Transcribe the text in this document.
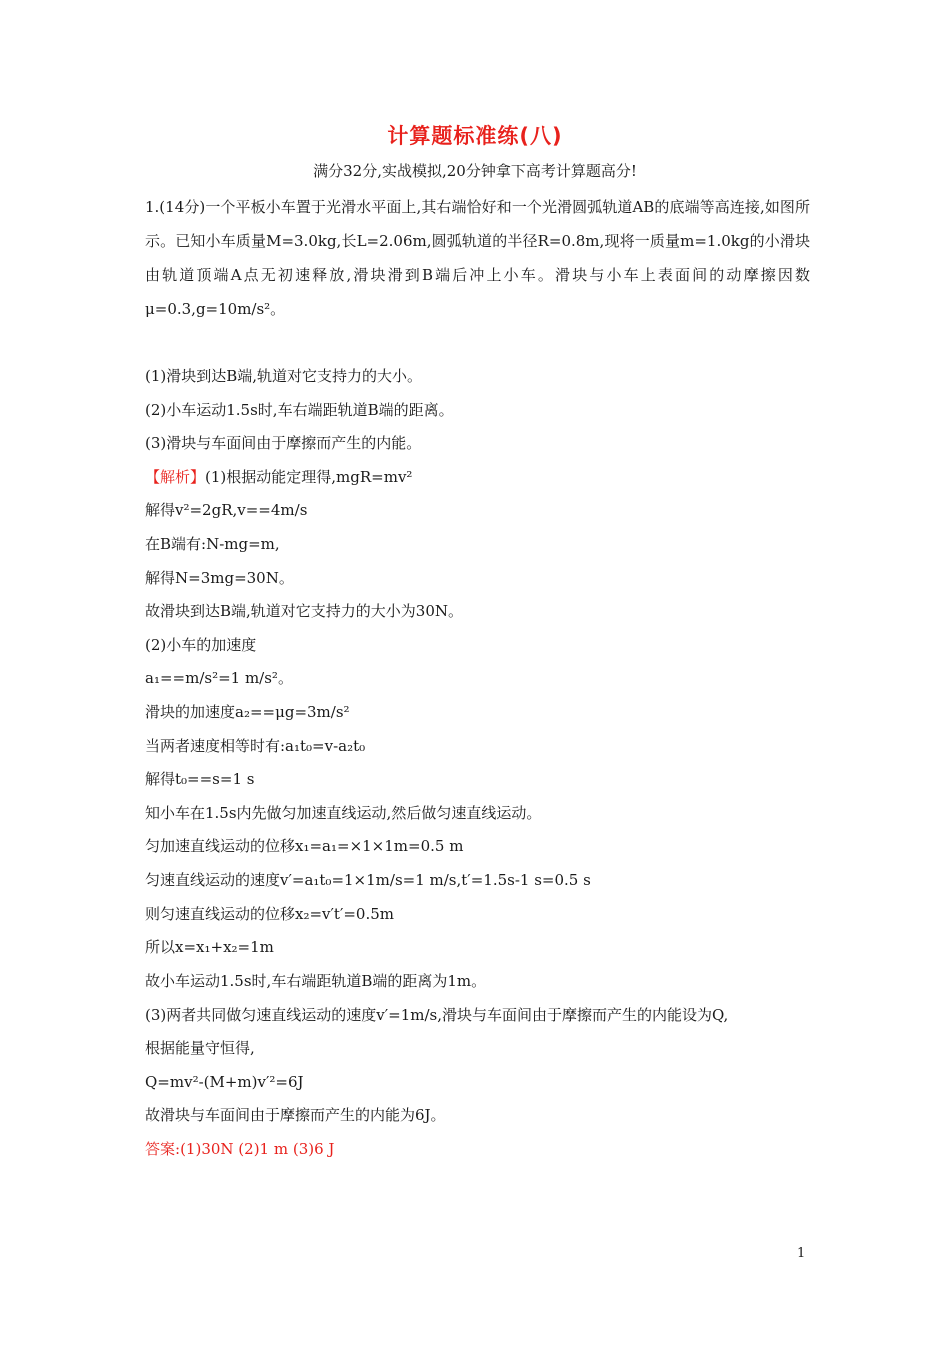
计算题标准练(八)
满分32分,实战模拟,20分钟拿下高考计算题高分!

1.(14分)一个平板小车置于光滑水平面上,其右端恰好和一个光滑圆弧轨道AB的底端等高连接,如图所示。已知小车质量M=3.0kg,长L=2.06m,圆弧轨道的半径R=0.8m,现将一质量m=1.0kg的小滑块由轨道顶端A点无初速释放,滑块滑到B端后冲上小车。滑块与小车上表面间的动摩擦因数 μ=0.3,g=10m/s²。

(1)滑块到达B端,轨道对它支持力的大小。

(2)小车运动1.5s时,车右端距轨道B端的距离。

(3)滑块与车面间由于摩擦而产生的内能。

【解析】(1)根据动能定理得,mgR=mv²

解得v²=2gR,v==4m/s

在B端有:N-mg=m,

解得N=3mg=30N。

故滑块到达B端,轨道对它支持力的大小为30N。

(2)小车的加速度

a₁==m/s²=1 m/s²。

滑块的加速度a₂==μg=3m/s²

当两者速度相等时有:a₁t₀=v-a₂t₀

解得t₀==s=1 s

知小车在1.5s内先做匀加速直线运动,然后做匀速直线运动。

匀加速直线运动的位移x₁=a₁=×1×1m=0.5 m

匀速直线运动的速度v′=a₁t₀=1×1m/s=1 m/s,t′=1.5s-1 s=0.5 s

则匀速直线运动的位移x₂=v′t′=0.5m

所以x=x₁+x₂=1m

故小车运动1.5s时,车右端距轨道B端的距离为1m。

(3)两者共同做匀速直线运动的速度v′=1m/s,滑块与车面间由于摩擦而产生的内能设为Q,

根据能量守恒得,

Q=mv²-(M+m)v′²=6J

故滑块与车面间由于摩擦而产生的内能为6J。

答案:(1)30N (2)1 m (3)6 J

1
